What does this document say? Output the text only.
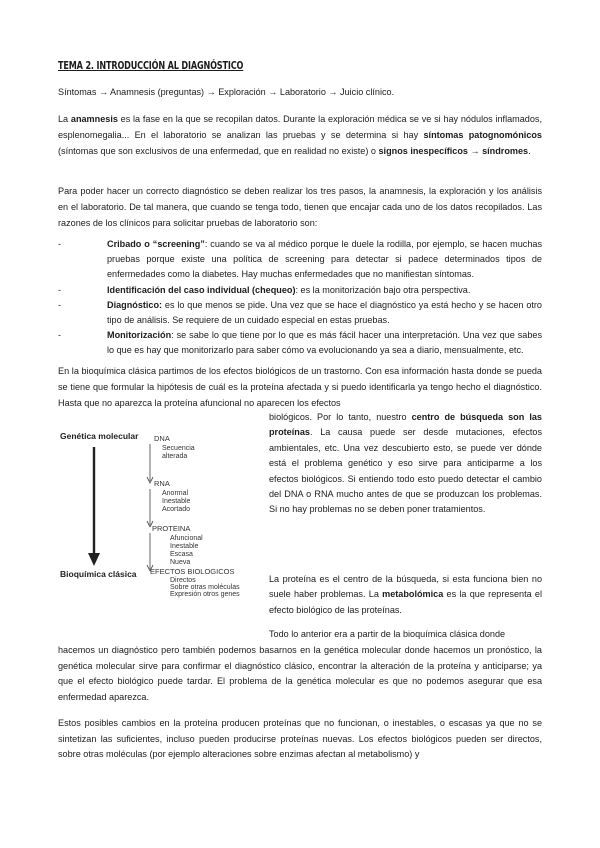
TEMA 2. INTRODUCCIÓN AL DIAGNÓSTICO

Síntomas → Anamnesis (preguntas) → Exploración → Laboratorio → Juicio clínico.

La anamnesis es la fase en la que se recopilan datos. Durante la exploración médica se ve si hay nódulos inflamados, esplenomegalia... En el laboratorio se analizan las pruebas y se determina si hay síntomas patognomónicos (síntomas que son exclusivos de una enfermedad, que en realidad no existe) o signos inespecíficos → síndromes.

Para poder hacer un correcto diagnóstico se deben realizar los tres pasos, la anamnesis, la exploración y los análisis en el laboratorio. De tal manera, que cuando se tenga todo, tienen que encajar cada uno de los datos recopilados. Las razones de los clínicos para solicitar pruebas de laboratorio son:

-	Cribado o “screening”: cuando se va al médico porque le duele la rodilla, por ejemplo, se hacen muchas pruebas porque existe una política de screening para detectar si padece determinados tipos de enfermedades como la diabetes. Hay muchas enfermedades que no manifiestan síntomas.
-	Identificación del caso individual (chequeo): es la monitorización bajo otra perspectiva.
-	Diagnóstico: es lo que menos se pide. Una vez que se hace el diagnóstico ya está hecho y se hacen otro tipo de análisis. Se requiere de un cuidado especial en estas pruebas.
-	Monitorización: se sabe lo que tiene por lo que es más fácil hacer una interpretación. Una vez que sabes lo que es hay que monitorizarlo para saber cómo va evolucionando ya sea a diario, mensualmente, etc.

En la bioquímica clásica partimos de los efectos biológicos de un trastorno. Con esa información hasta donde se pueda se tiene que formular la hipótesis de cuál es la proteína afectada y si puedo identificarla ya tengo hecho el diagnóstico. Hasta que no aparezca la proteína afuncional no aparecen los efectos

Genética molecular
Bioquímica clásica
DNA
Secuencia
alterada
RNA
Anormal
Inestable
Acortado
PROTEINA
Afuncional
Inestable
Escasa
Nueva
EFECTOS BIOLOGICOS
Directos
Sobre otras moléculas
Expresión otros genes

biológicos. Por lo tanto, nuestro centro de búsqueda son las proteínas. La causa puede ser desde mutaciones, efectos ambientales, etc. Una vez descubierto esto, se puede ver dónde está el problema genético y eso sirve para anticiparme a los efectos biológicos. Si entiendo todo esto puedo detectar el cambio del DNA o RNA mucho antes de que se produzcan los problemas. Si no hay problemas no se deben poner tratamientos.

La proteína es el centro de la búsqueda, si esta funciona bien no suele haber problemas. La metabolómica es la que representa el efecto biológico de las proteínas.

Todo lo anterior era a partir de la bioquímica clásica donde

hacemos un diagnóstico pero también podemos basarnos en la genética molecular donde hacemos un pronóstico, la genética molecular sirve para confirmar el diagnóstico clásico, encontrar la alteración de la proteína y anticiparse; ya que el efecto biológico puede tardar. El problema de la genética molecular es que no podemos asegurar que esa enfermedad aparezca.

Estos posibles cambios en la proteína producen proteínas que no funcionan, o inestables, o escasas ya que no se sintetizan las suficientes, incluso pueden producirse proteínas nuevas. Los efectos biológicos pueden ser directos, sobre otras moléculas (por ejemplo alteraciones sobre enzimas afectan al metabolismo) y
